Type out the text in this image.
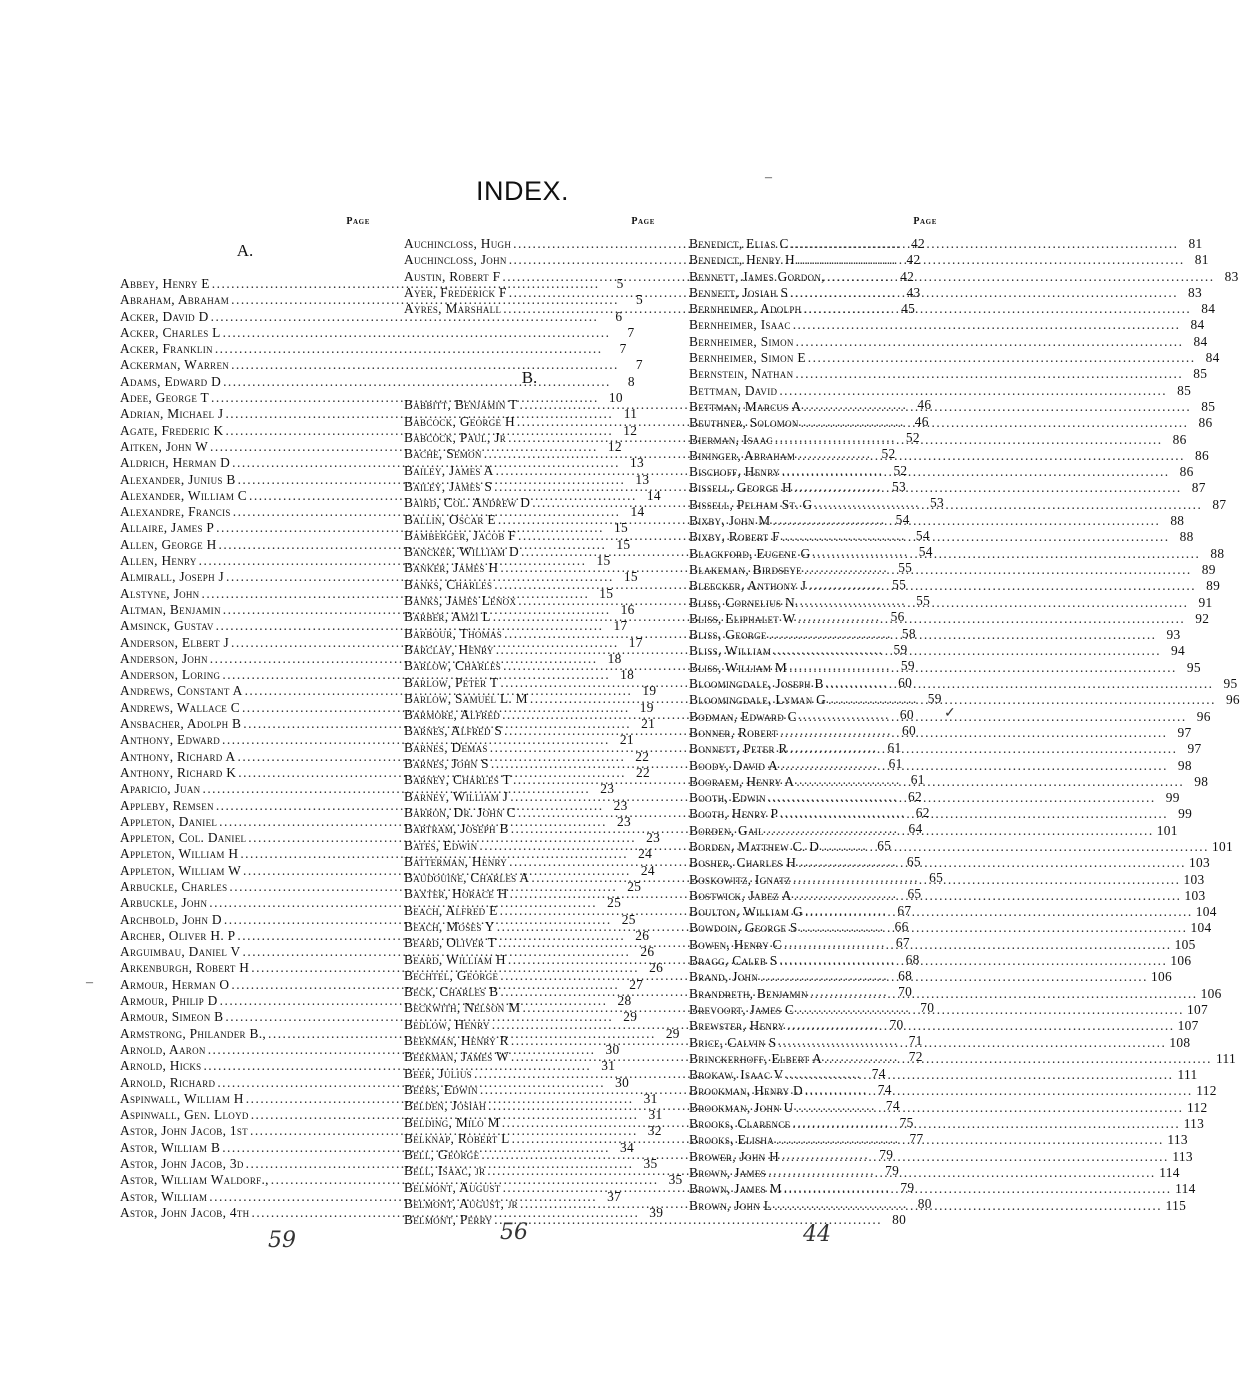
INDEX.
Page
A.
Abbey, Henry E .....	5
Abraham, Abraham .....	5
Acker, David D .....	6
Acker, Charles L .....	7
Acker, Franklin .....	7
Ackerman, Warren .....	7
Adams, Edward D .....	8
Adee, George T .....	10
Adrian, Michael J .....	11
Agate, Frederic K .....	12
Aitken, John W .....	12
Aldrich, Herman D .....	13
Alexander, Junius B .....	13
Alexander, William C .....	14
Alexandre, Francis .....	14
Allaire, James P .....	15
Allen, George H .....	15
Allen, Henry .....	15
Almirall, Joseph J .....	15
Alstyne, John .....	15
Altman, Benjamin .....	16
Amsinck, Gustav .....	17
Anderson, Elbert J .....	17
Anderson, John .....	18
Anderson, Loring .....	18
Andrews, Constant A .....	19
Andrews, Wallace C .....	19
Ansbacher, Adolph B .....	21
Anthony, Edward .....	21
Anthony, Richard A .....	22
Anthony, Richard K .....	22
Aparicio, Juan .....	23
Appleby, Remsen .....	23
Appleton, Daniel .....	23
Appleton, Col. Daniel .....	23
Appleton, William H .....	24
Appleton, William W .....	24
Arbuckle, Charles .....	25
Arbuckle, John .....	25
Archbold, John D .....	25
Archer, Oliver H. P .....	26
Arguimbau, Daniel V .....	26
Arkenburgh, Robert H .....	26
Armour, Herman O .....	27
Armour, Philip D .....	28
Armour, Simeon B .....	29
Armstrong, Philander B., .....	29
Arnold, Aaron .....	30
Arnold, Hicks .....	31
Arnold, Richard .....	30
Aspinwall, William H .....	31
Aspinwall, Gen. Lloyd .....	31
Astor, John Jacob, 1st .....	32
Astor, William B .....	34
Astor, John Jacob, 3d .....	35
Astor, William Waldorf., .....	35
Astor, William .....	37
Astor, John Jacob, 4th .....	39
Page
Auchincloss, Hugh .....	42
Auchincloss, John .....	42
Austin, Robert F .....	42
Ayer, Frederick F .....	43
Ayres, Marshall .....	45
B.
Babbitt, Benjamin T .....	46
Babcock, George H .....	46
Babcock, Paul, Jr .....	52
Bache, Semon .....	52
Bailey, James A .....	52
Bailey, James S .....	53
Baird, Col. Andrew D .....	53
Ballin, Oscar E .....	54
Bamberger, Jacob F .....	54
Bancker, William D .....	54
Banker, James H .....	55
Banks, Charles .....	55
Banks, James Lenox .....	55
Barber, Amzi L .....	56
Barbour, Thomas .....	58
Barclay, Henry .....	59
Barlow, Charles .....	59
Barlow, Peter T .....	60
Barlow, Samuel L. M .....	59
Barmore, Alfred .....	60
Barnes, Alfred S .....	60
Barnes, Demas .....	61
Barnes, John S .....	61
Barney, Charles T .....	61
Barney, William J .....	62
Barron, Dr. John C .....	62
Bartram, Joseph B .....	64
Bates, Edwin .....	65
Batterman, Henry .....	65
Baudouine, Charles A .....	65
Baxter, Horace H .....	65
Beach, Alfred E .....	67
Beach, Moses Y .....	66
Beard, Oliver T .....	67
Beard, William H .....	68
Bechtel, George .....	68
Beck, Charles B .....	70
Beckwith, Nelson M .....	70
Bedlow, Henry .....	70
Beekman, Henry R .....	71
Beekman, James W .....	72
Beer, Julius .....	74
Beers, Edwin .....	74
Belden, Josiah .....	74
Belding, Milo M .....	75
Belknap, Robert L .....	77
Bell, George .....	79
Bell, Isaac, jr .....	79
Belmont, August .....	79
Belmont, August, jr .....	80
Belmont, Perry .....	80
Page
Benedict, Elias C .....	81
Benedict, Henry H .....	81
Bennett, James Gordon, .....	83
Bennett, Josiah S .....	83
Bernheimer, Adolph .....	84
Bernheimer, Isaac .....	84
Bernheimer, Simon .....	84
Bernheimer, Simon E .....	84
Bernstein, Nathan .....	85
Bettman, David .....	85
Bettman, Marcus A .....	85
Beuthner, Solomon .....	86
Bierman, Isaac .....	86
Bininger, Abraham .....	86
Bischoff, Henry .....	86
Bissell, George H .....	87
Bissell, Pelham St. G .....	87
Bixby, John M .....	88
Bixby, Robert F .....	88
Blackford, Eugene G .....	88
Blakeman, Birdseye .....	89
Bleecker, Anthony J .....	89
Bliss, Cornelius N. .....	91
Bliss, Eliphalet W .....	92
Bliss, George .....	93
Bliss, William .....	94
Bliss, William M .....	95
Bloomingdale, Joseph B .....	95
Bloomingdale, Lyman G .....	96
Bodman, Edward C .....	96
Bonner, Robert .....	97
Bonnett, Peter R .....	97
Boody, David A .....	98
Booraem, Henry A .....	98
Booth, Edwin .....	99
Booth, Henry P .....	99
Borden, Gail .....	101
Borden, Matthew C. D .....	101
Bosher, Charles H .....	103
Boskowitz, Ignatz .....	103
Bostwick, Jabez A .....	103
Boulton, William G .....	104
Bowdoin, George S .....	104
Bowen, Henry C .....	105
Bragg, Caleb S .....	106
Brand, John .....	106
Brandreth, Benjamin .....	106
Brevoort, James C .....	107
Brewster, Henry .....	107
Brice, Calvin S .....	108
Brinckerhoff, Elbert A .....	111
Brokaw, Isaac V .....	111
Brookman, Henry D .....	112
Brookman, John U .....	112
Brooks, Clarence .....	113
Brooks, Elisha .....	113
Brower, John H .....	113
Brown, James .....	114
Brown, James M .....	114
Brown, John L .....	115
59	56	44
–
✓
–
